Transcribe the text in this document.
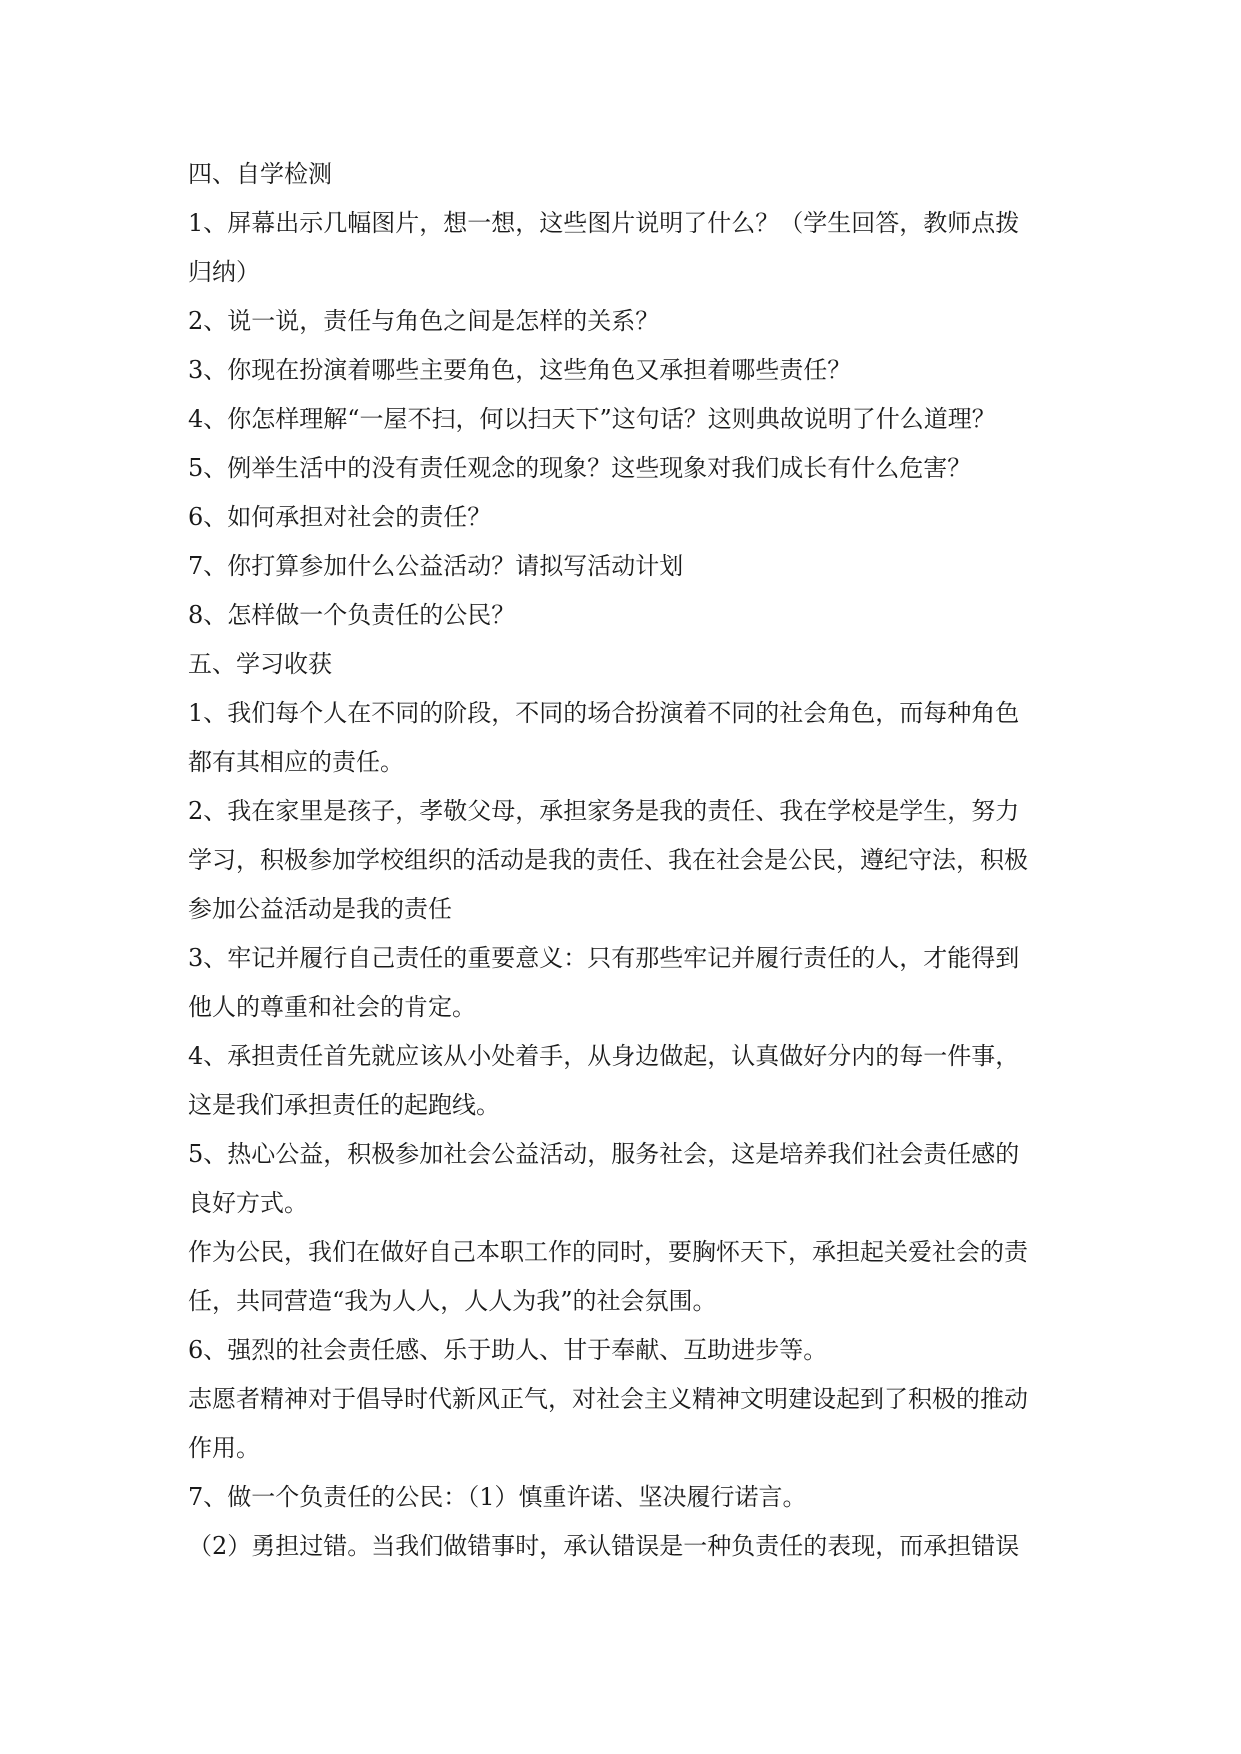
四、自学检测
1、屏幕出示几幅图片，想一想，这些图片说明了什么？（学生回答，教师点拨
归纳）
2、说一说，责任与角色之间是怎样的关系？
3、你现在扮演着哪些主要角色，这些角色又承担着哪些责任？
4、你怎样理解“一屋不扫，何以扫天下”这句话？这则典故说明了什么道理？
5、例举生活中的没有责任观念的现象？这些现象对我们成长有什么危害？
6、如何承担对社会的责任？
7、你打算参加什么公益活动？请拟写活动计划
8、怎样做一个负责任的公民？
五、学习收获
1、我们每个人在不同的阶段，不同的场合扮演着不同的社会角色，而每种角色
都有其相应的责任。
2、我在家里是孩子，孝敬父母，承担家务是我的责任、我在学校是学生，努力
学习，积极参加学校组织的活动是我的责任、我在社会是公民，遵纪守法，积极
参加公益活动是我的责任
3、牢记并履行自己责任的重要意义：只有那些牢记并履行责任的人，才能得到
他人的尊重和社会的肯定。
4、承担责任首先就应该从小处着手，从身边做起，认真做好分内的每一件事，
这是我们承担责任的起跑线。
5、热心公益，积极参加社会公益活动，服务社会，这是培养我们社会责任感的
良好方式。
作为公民，我们在做好自己本职工作的同时，要胸怀天下，承担起关爱社会的责
任，共同营造“我为人人，人人为我”的社会氛围。
6、强烈的社会责任感、乐于助人、甘于奉献、互助进步等。
志愿者精神对于倡导时代新风正气，对社会主义精神文明建设起到了积极的推动
作用。
7、做一个负责任的公民：（1）慎重许诺、坚决履行诺言。
（2）勇担过错。当我们做错事时，承认错误是一种负责任的表现，而承担错误
